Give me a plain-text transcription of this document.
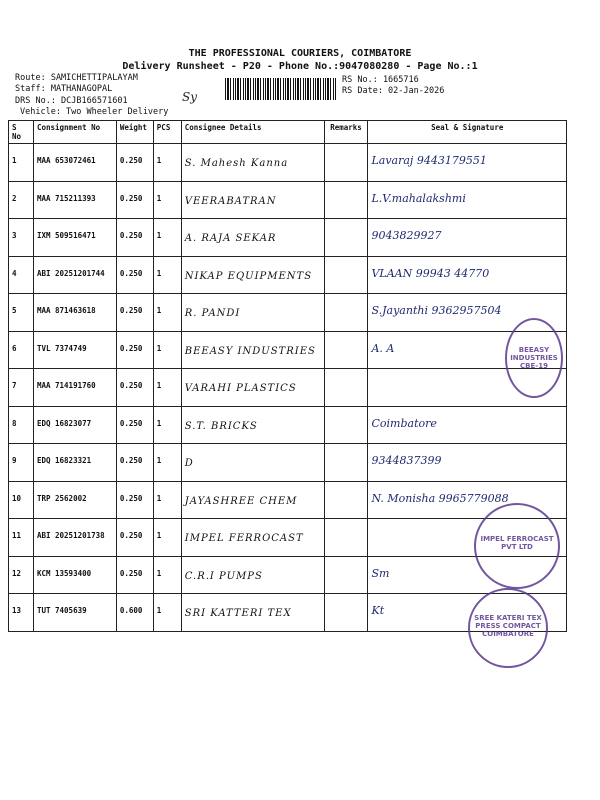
THE PROFESSIONAL COURIERS, COIMBATORE
Delivery Runsheet - P20 - Phone No.:9047080280 - Page No.:1
Route: SAMICHETTIPALAYAM
Staff: MATHANAGOPAL
DRS No.: DCJB166571601
Vehicle: Two Wheeler Delivery
RS No.: 1665716
RS Date: 02-Jan-2026
Sy
S No	Consignment No	Weight	PCS	Consignee Details	Remarks	Seal & Signature
1	MAA 653072461	0.250	1	S. Mahesh Kanna		Lavaraj 9443179551
2	MAA 715211393	0.250	1	VEERABATRAN		L.V.mahalakshmi
3	IXM 509516471	0.250	1	A. RAJA SEKAR		9043829927
4	ABI 20251201744	0.250	1	NIKAP EQUIPMENTS		VLAAN 99943 44770
5	MAA 871463618	0.250	1	R. PANDI		S.Jayanthi 9362957504
6	TVL 7374749	0.250	1	BEEASY INDUSTRIES		A. A
7	MAA 714191760	0.250	1	VARAHI PLASTICS		
8	EDQ 16823077	0.250	1	S.T. BRICKS		Coimbatore
9	EDQ 16823321	0.250	1	D		9344837399
10	TRP 2562002	0.250	1	JAYASHREE CHEM		N. Monisha 9965779088
11	ABI 20251201738	0.250	1	IMPEL FERROCAST		
12	KCM 13593400	0.250	1	C.R.I PUMPS		Sm
13	TUT 7405639	0.600	1	SRI KATTERI TEX		Kt
BEEASY INDUSTRIES CBE-19
IMPEL FERROCAST PVT LTD
SREE KATERI TEX PRESS COMPACT COIMBATORE
